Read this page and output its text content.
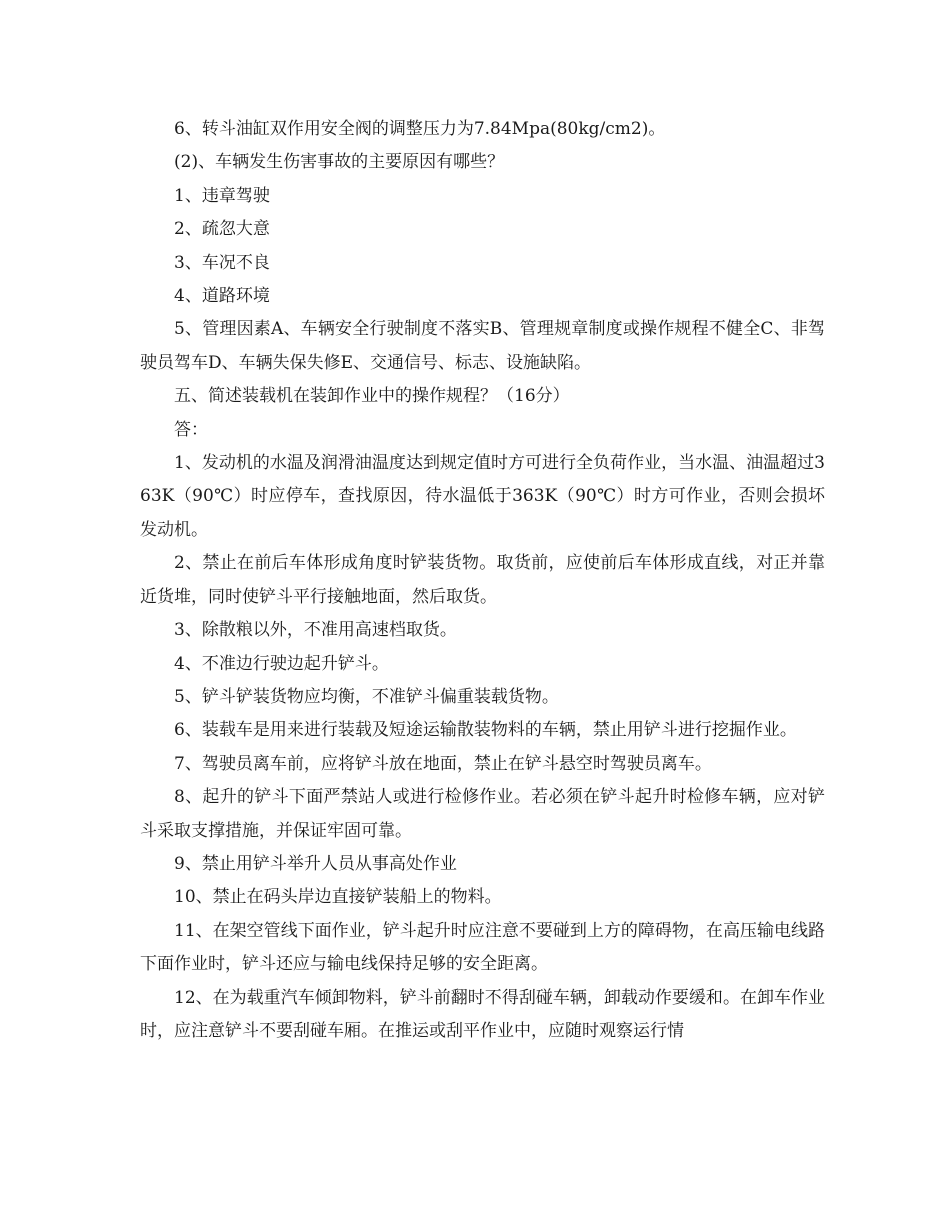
6、转斗油缸双作用安全阀的调整压力为7.84Mpa(80kg/cm2)。

(2)、车辆发生伤害事故的主要原因有哪些？

1、违章驾驶

2、疏忽大意

3、车况不良

4、道路环境

5、管理因素A、车辆安全行驶制度不落实B、管理规章制度或操作规程不健全C、非驾驶员驾车D、车辆失保失修E、交通信号、标志、设施缺陷。

五、简述装载机在装卸作业中的操作规程？（16分）

答：

1、发动机的水温及润滑油温度达到规定值时方可进行全负荷作业，当水温、油温超过363K（90℃）时应停车，查找原因，待水温低于363K（90℃）时方可作业，否则会损坏发动机。

2、禁止在前后车体形成角度时铲装货物。取货前，应使前后车体形成直线，对正并靠近货堆，同时使铲斗平行接触地面，然后取货。

3、除散粮以外，不准用高速档取货。

4、不准边行驶边起升铲斗。

5、铲斗铲装货物应均衡，不准铲斗偏重装载货物。

6、装载车是用来进行装载及短途运输散装物料的车辆，禁止用铲斗进行挖掘作业。

7、驾驶员离车前，应将铲斗放在地面，禁止在铲斗悬空时驾驶员离车。

8、起升的铲斗下面严禁站人或进行检修作业。若必须在铲斗起升时检修车辆，应对铲斗采取支撑措施，并保证牢固可靠。

9、禁止用铲斗举升人员从事高处作业

10、禁止在码头岸边直接铲装船上的物料。

11、在架空管线下面作业，铲斗起升时应注意不要碰到上方的障碍物，在高压输电线路下面作业时，铲斗还应与输电线保持足够的安全距离。

12、在为载重汽车倾卸物料，铲斗前翻时不得刮碰车辆，卸载动作要缓和。在卸车作业时，应注意铲斗不要刮碰车厢。在推运或刮平作业中，应随时观察运行情
